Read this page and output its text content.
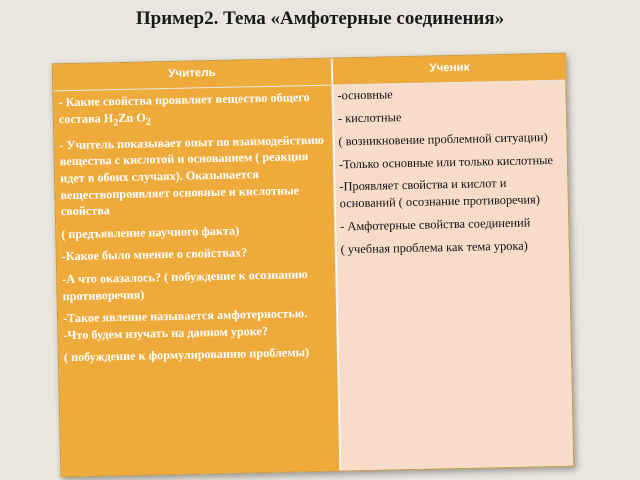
Пример2. Тема «Амфотерные соединения»
Учитель	Ученик

- Какие свойства проявляет вещество общего состава $H_2Zn$ $O_2$

- Учитель показывает опыт по взаимодействию вещества с кислотой и основанием ( реакция идет в обоих случаях). Оказывается веществопроявляет основные и кислотные свойства

( предъявление научного факта)

-Какое было мнение о свойствах?

-А что оказалось? ( побуждение к осознанию противоречия)

-Такое явление называется амфотерностью. -Что будем изучать на данном уроке?

( побуждение к формулированию проблемы)

-основные

- кислотные

( возникновение проблемной ситуации)

-Только основные или только кислотные

-Проявляет свойства и кислот и оснований ( осознание противоречия)

- Амфотерные свойства соединений

( учебная проблема как тема урока)
